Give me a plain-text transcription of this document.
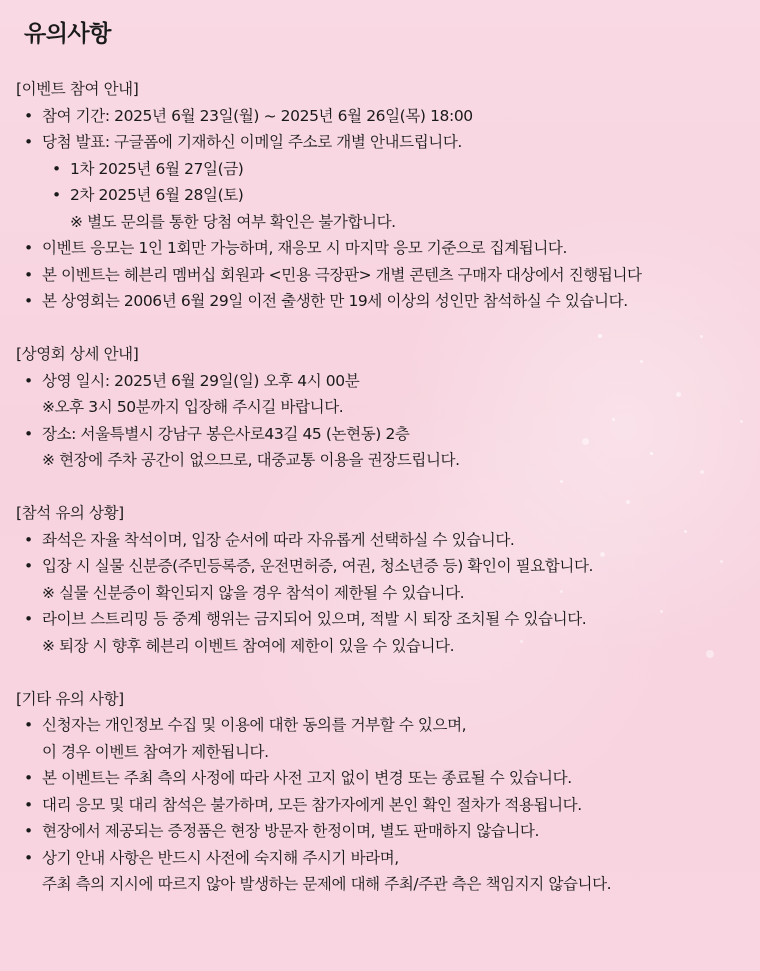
유의사항
[이벤트 참여 안내]
• 참여 기간: 2025년 6월 23일(월) ~ 2025년 6월 26일(목) 18:00
• 당첨 발표: 구글폼에 기재하신 이메일 주소로 개별 안내드립니다.
• 1차 2025년 6월 27일(금)
• 2차 2025년 6월 28일(토)
※ 별도 문의를 통한 당첨 여부 확인은 불가합니다.
• 이벤트 응모는 1인 1회만 가능하며, 재응모 시 마지막 응모 기준으로 집계됩니다.
• 본 이벤트는 헤븐리 멤버십 회원과 <민용 극장판> 개별 콘텐츠 구매자 대상에서 진행됩니다
• 본 상영회는 2006년 6월 29일 이전 출생한 만 19세 이상의 성인만 참석하실 수 있습니다.
[상영회 상세 안내]
• 상영 일시: 2025년 6월 29일(일) 오후 4시 00분
※오후 3시 50분까지 입장해 주시길 바랍니다.
• 장소: 서울특별시 강남구 봉은사로43길 45 (논현동) 2층
※ 현장에 주차 공간이 없으므로, 대중교통 이용을 권장드립니다.
[참석 유의 상황]
• 좌석은 자율 착석이며, 입장 순서에 따라 자유롭게 선택하실 수 있습니다.
• 입장 시 실물 신분증(주민등록증, 운전면허증, 여권, 청소년증 등) 확인이 필요합니다.
※ 실물 신분증이 확인되지 않을 경우 참석이 제한될 수 있습니다.
• 라이브 스트리밍 등 중계 행위는 금지되어 있으며, 적발 시 퇴장 조치될 수 있습니다.
※ 퇴장 시 향후 헤븐리 이벤트 참여에 제한이 있을 수 있습니다.
[기타 유의 사항]
• 신청자는 개인정보 수집 및 이용에 대한 동의를 거부할 수 있으며,
이 경우 이벤트 참여가 제한됩니다.
• 본 이벤트는 주최 측의 사정에 따라 사전 고지 없이 변경 또는 종료될 수 있습니다.
• 대리 응모 및 대리 참석은 불가하며, 모든 참가자에게 본인 확인 절차가 적용됩니다.
• 현장에서 제공되는 증정품은 현장 방문자 한정이며, 별도 판매하지 않습니다.
• 상기 안내 사항은 반드시 사전에 숙지해 주시기 바라며,
주최 측의 지시에 따르지 않아 발생하는 문제에 대해 주최/주관 측은 책임지지 않습니다.
